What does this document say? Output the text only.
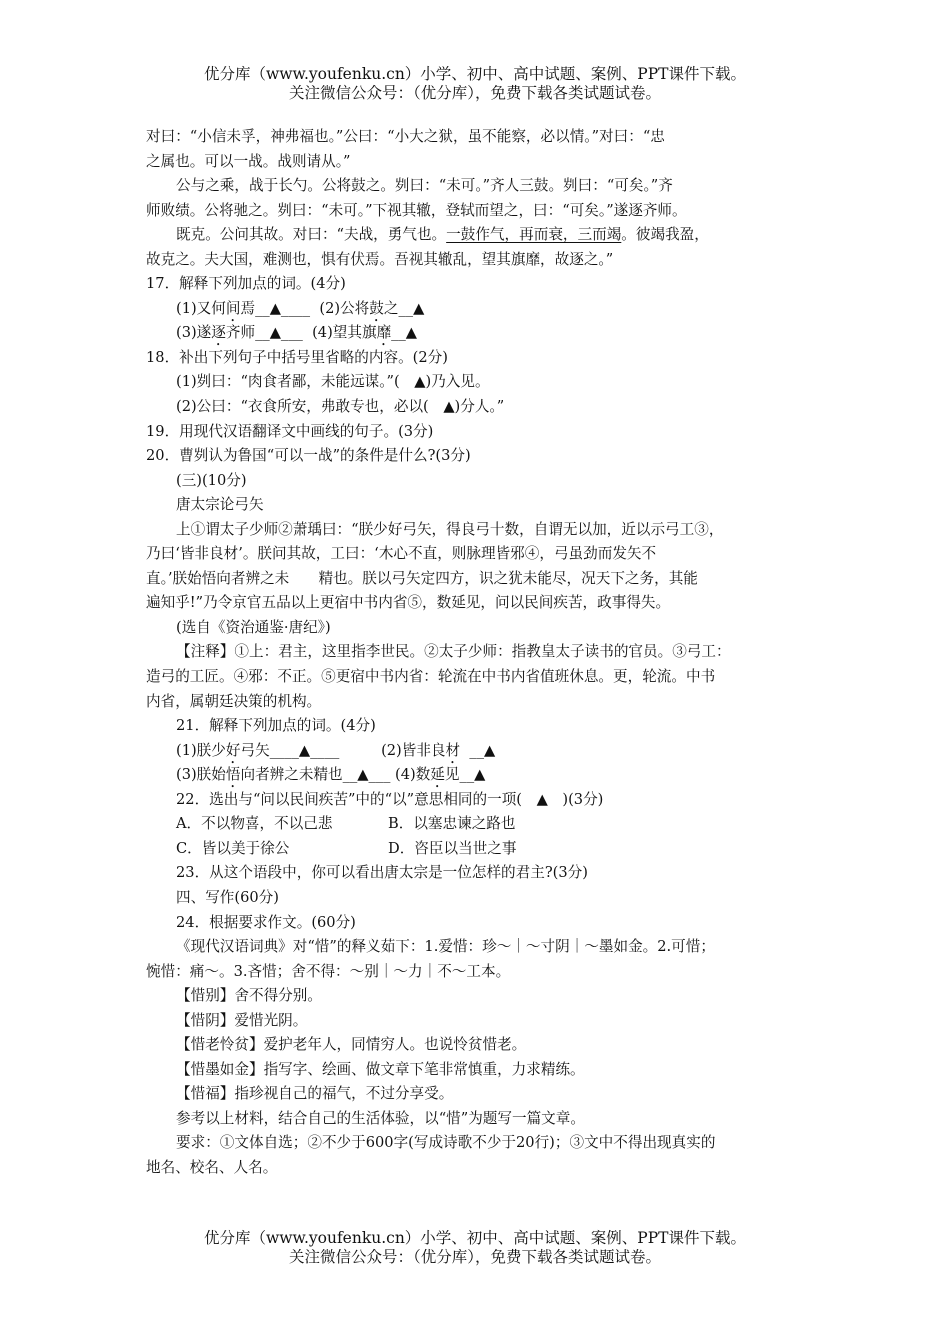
优分库（www.youfenku.cn）小学、初中、高中试题、案例、PPT课件下载。
关注微信公众号：（优分库），免费下载各类试题试卷。
对曰：“小信未孚，神弗福也。”公曰：“小大之狱，虽不能察，必以情。”对曰：“忠
之属也。可以一战。战则请从。”
公与之乘，战于长勺。公将鼓之。刿曰：“未可。”齐人三鼓。刿曰：“可矣。”齐
师败绩。公将驰之。刿曰：“未可。”下视其辙，登轼而望之，曰：“可矣。”遂逐齐师。
既克。公问其故。对曰：“夫战，勇气也。一鼓作气，再而衰，三而竭。彼竭我盈，
故克之。夫大国，难测也，惧有伏焉。吾视其辙乱，望其旗靡，故逐之。”
17．解释下列加点的词。(4分)
(1)又何间焉__▲____ (2)公将鼓之__▲
(3)遂逐齐师__▲___ (4)望其旗靡__▲
18．补出下列句子中括号里省略的内容。(2分)
(1)刿曰：“肉食者鄙，未能远谋。”(　▲)乃入见。
(2)公曰：“衣食所安，弗敢专也，必以(　▲)分人。”
19．用现代汉语翻译文中画线的句子。(3分)
20．曹刿认为鲁国“可以一战”的条件是什么?(3分)
(三)(10分)
唐太宗论弓矢
上①谓太子少师②萧瑀曰：“朕少好弓矢，得良弓十数，自谓无以加，近以示弓工③，
乃曰‘皆非良材’。朕问其故，工曰：‘木心不直，则脉理皆邪④，弓虽劲而发矢不
直。’朕始悟向者辨之未　　精也。朕以弓矢定四方，识之犹未能尽，况天下之务，其能
遍知乎!”乃令京官五品以上更宿中书内省⑤，数延见，问以民间疾苦，政事得失。
(选自《资治通鉴·唐纪》)
【注释】①上：君主，这里指李世民。②太子少师：指教皇太子读书的官员。③弓工：
造弓的工匠。④邪：不正。⑤更宿中书内省：轮流在中书内省值班休息。更，轮流。中书
内省，属朝廷决策的机构。
21．解释下列加点的词。(4分)
(1)朕少好弓矢____▲____	(2)皆非良材 __▲
(3)朕始悟向者辨之未精也__▲___ (4)数延见__▲
22．选出与“问以民间疾苦”中的“以”意思相同的一项(　▲　)(3分)
A．不以物喜，不以己悲	B．以塞忠谏之路也
C．皆以美于徐公	D．咨臣以当世之事
23．从这个语段中，你可以看出唐太宗是一位怎样的君主?(3分)
四、写作(60分)
24．根据要求作文。(60分)
《现代汉语词典》对“惜”的释义茹下：1.爱惜：珍～｜～寸阴｜～墨如金。2.可惜；
惋惜：痛～。3.吝惜；舍不得：～别｜～力｜不～工本。
【惜别】舍不得分别。
【惜阴】爱惜光阴。
【惜老怜贫】爱护老年人，同情穷人。也说怜贫惜老。
【惜墨如金】指写字、绘画、做文章下笔非常慎重，力求精练。
【惜福】指珍视自己的福气，不过分享受。
参考以上材料，结合自己的生活体验，以“惜”为题写一篇文章。
要求：①文体自选；②不少于600字(写成诗歌不少于20行)；③文中不得出现真实的
地名、校名、人名。
优分库（www.youfenku.cn）小学、初中、高中试题、案例、PPT课件下载。
关注微信公众号：（优分库），免费下载各类试题试卷。
